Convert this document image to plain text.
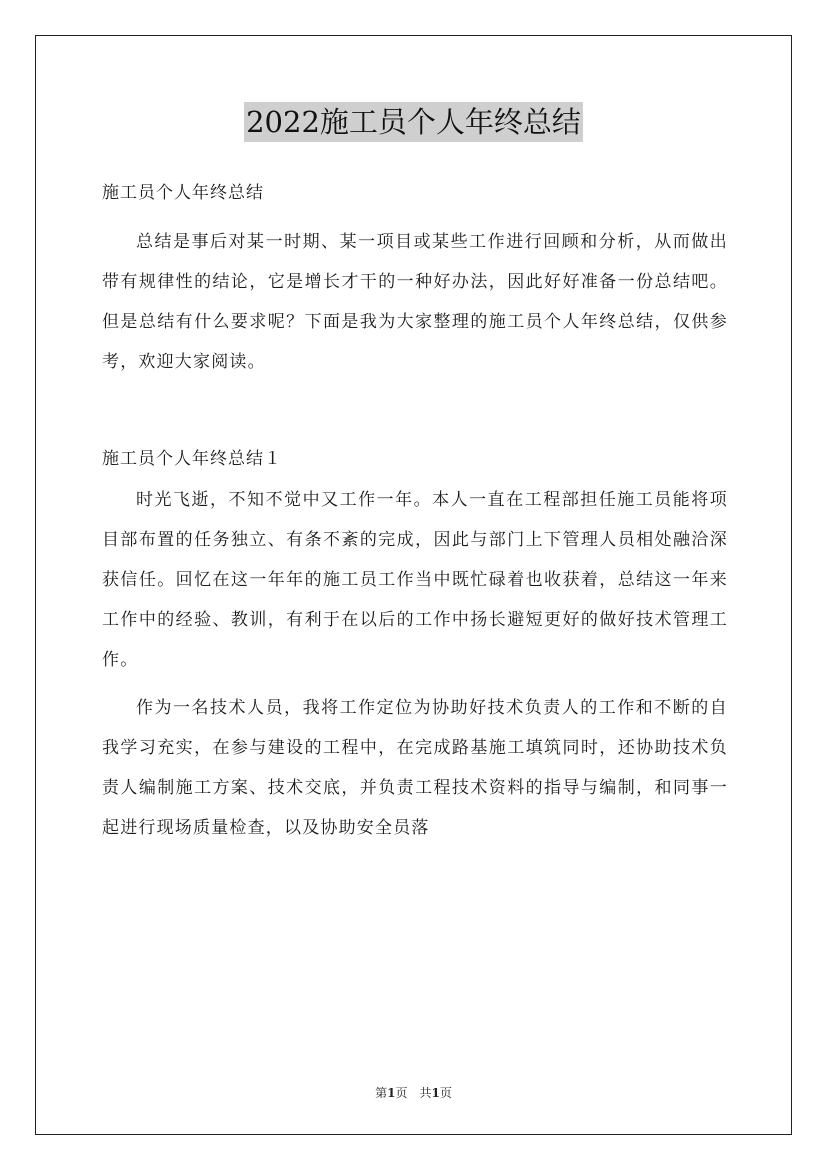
2022施工员个人年终总结

施工员个人年终总结

总结是事后对某一时期、某一项目或某些工作进行回顾和分析，从而做出带有规律性的结论，它是增长才干的一种好办法，因此好好准备一份总结吧。但是总结有什么要求呢？下面是我为大家整理的施工员个人年终总结，仅供参考，欢迎大家阅读。

施工员个人年终总结１

时光飞逝，不知不觉中又工作一年。本人一直在工程部担任施工员能将项目部布置的任务独立、有条不紊的完成，因此与部门上下管理人员相处融洽深获信任。回忆在这一年年的施工员工作当中既忙碌着也收获着，总结这一年来工作中的经验、教训，有利于在以后的工作中扬长避短更好的做好技术管理工作。

作为一名技术人员，我将工作定位为协助好技术负责人的工作和不断的自我学习充实，在参与建设的工程中，在完成路基施工填筑同时，还协助技术负责人编制施工方案、技术交底，并负责工程技术资料的指导与编制，和同事一起进行现场质量检查，以及协助安全员落

第1页　共1页
